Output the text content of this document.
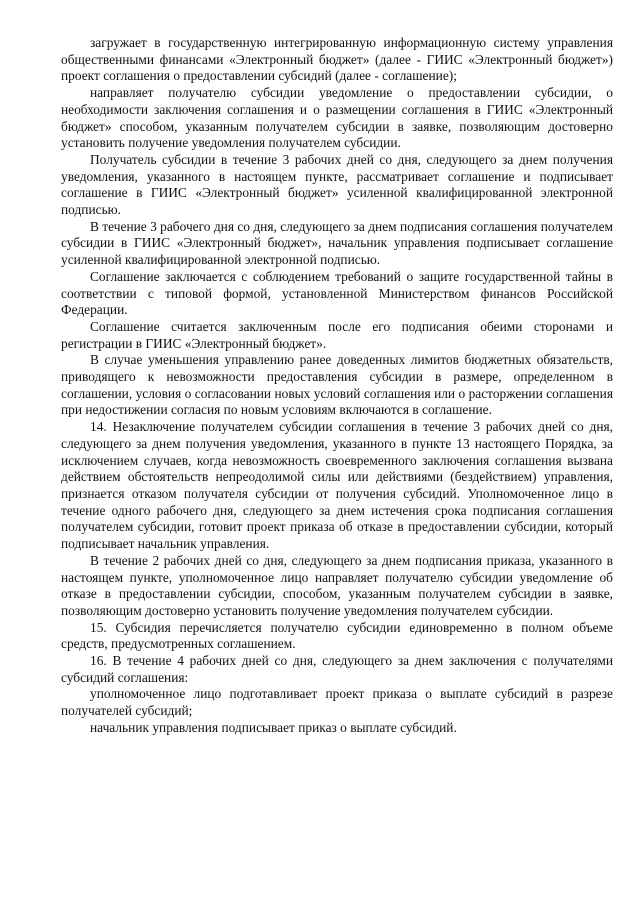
загружает в государственную интегрированную информационную систему управления общественными финансами «Электронный бюджет» (далее - ГИИС «Электронный бюджет») проект соглашения о предоставлении субсидий (далее - соглашение);

направляет получателю субсидии уведомление о предоставлении субсидии, о необходимости заключения соглашения и о размещении соглашения в ГИИС «Электронный бюджет» способом, указанным получателем субсидии в заявке, позволяющим достоверно установить получение уведомления получателем субсидии.

Получатель субсидии в течение 3 рабочих дней со дня, следующего за днем получения уведомления, указанного в настоящем пункте, рассматривает соглашение и подписывает соглашение в ГИИС «Электронный бюджет» усиленной квалифицированной электронной подписью.

В течение 3 рабочего дня со дня, следующего за днем подписания соглашения получателем субсидии в ГИИС «Электронный бюджет», начальник управления подписывает соглашение усиленной квалифицированной электронной подписью.

Соглашение заключается с соблюдением требований о защите государственной тайны в соответствии с типовой формой, установленной Министерством финансов Российской Федерации.

Соглашение считается заключенным после его подписания обеими сторонами и регистрации в ГИИС «Электронный бюджет».

В случае уменьшения управлению ранее доведенных лимитов бюджетных обязательств, приводящего к невозможности предоставления субсидии в размере, определенном в соглашении, условия о согласовании новых условий соглашения или о расторжении соглашения при недостижении согласия по новым условиям включаются в соглашение.

14. Незаключение получателем субсидии соглашения в течение 3 рабочих дней со дня, следующего за днем получения уведомления, указанного в пункте 13 настоящего Порядка, за исключением случаев, когда невозможность своевременного заключения соглашения вызвана действием обстоятельств непреодолимой силы или действиями (бездействием) управления, признается отказом получателя субсидии от получения субсидий. Уполномоченное лицо в течение одного рабочего дня, следующего за днем истечения срока подписания соглашения получателем субсидии, готовит проект приказа об отказе в предоставлении субсидии, который подписывает начальник управления.

В течение 2 рабочих дней со дня, следующего за днем подписания приказа, указанного в настоящем пункте, уполномоченное лицо направляет получателю субсидии уведомление об отказе в предоставлении субсидии, способом, указанным получателем субсидии в заявке, позволяющим достоверно установить получение уведомления получателем субсидии.

15. Субсидия перечисляется получателю субсидии единовременно в полном объеме средств, предусмотренных соглашением.

16. В течение 4 рабочих дней со дня, следующего за днем заключения с получателями субсидий соглашения:

уполномоченное лицо подготавливает проект приказа о выплате субсидий в разрезе получателей субсидий;

начальник управления подписывает приказ о выплате субсидий.
